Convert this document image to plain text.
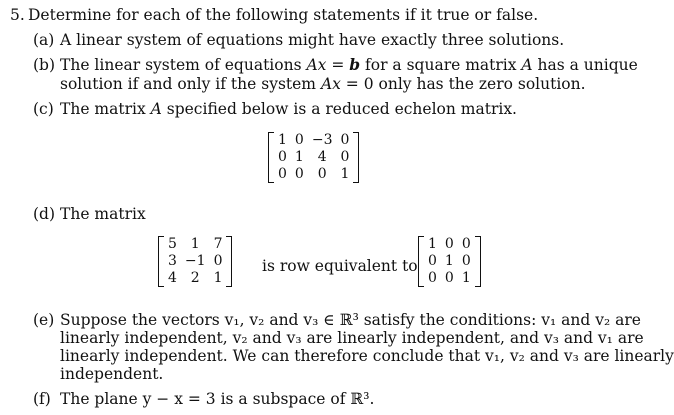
5. Determine for each of the following statements if it true or false.
(a) A linear system of equations might have exactly three solutions.
(b) The linear system of equations Ax = b for a square matrix A has a unique
solution if and only if the system Ax = 0 only has the zero solution.
(c) The matrix A specified below is a reduced echelon matrix.
1	0	−3	0
0	1	4	0
0	0	0	1
(d) The matrix
5	1	7
3	−1	0
4	2	1
is row equivalent to
1	0	0
0	1	0
0	0	1
(e) Suppose the vectors v₁, v₂ and v₃ ∈ ℝ³ satisfy the conditions: v₁ and v₂ are
linearly independent, v₂ and v₃ are linearly independent, and v₃ and v₁ are
linearly independent. We can therefore conclude that v₁, v₂ and v₃ are linearly
independent.
(f) The plane y − x = 3 is a subspace of ℝ³.
